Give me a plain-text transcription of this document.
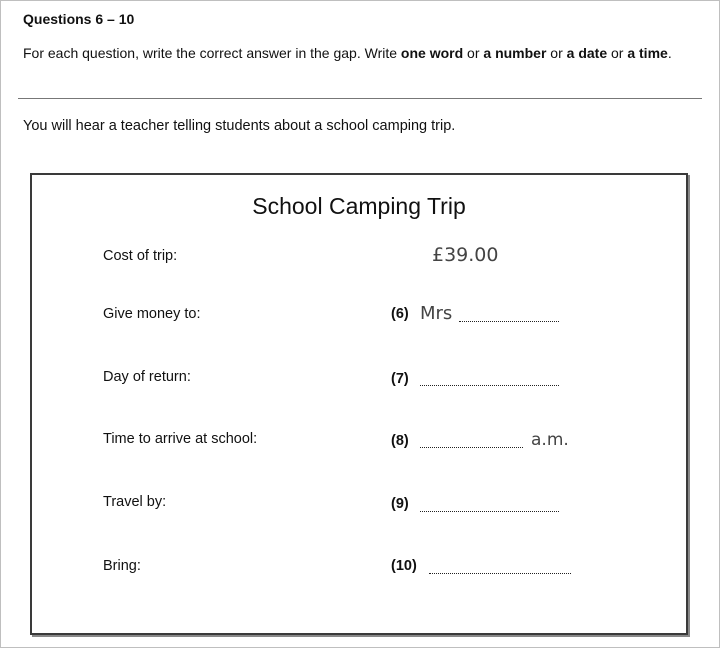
Questions 6 – 10
For each question, write the correct answer in the gap. Write one word or a number or a date or a time.
You will hear a teacher telling students about a school camping trip.
School Camping Trip
Cost of trip:	£39.00
Give money to:	(6) Mrs
Day of return:	(7)
Time to arrive at school:	(8)	a.m.
Travel by:	(9)
Bring:	(10)
